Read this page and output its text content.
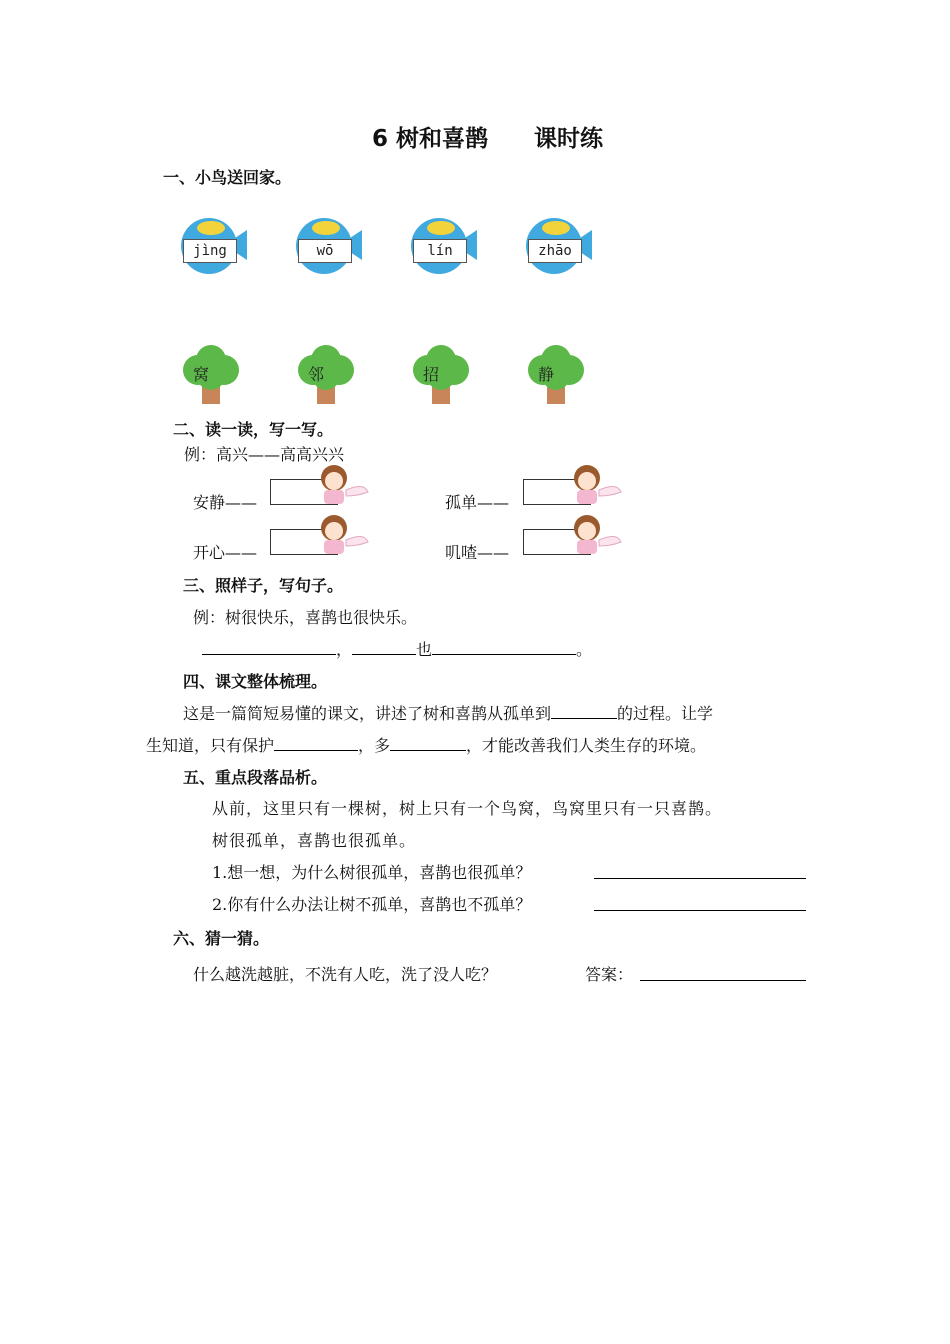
6 树和喜鹊　　课时练
一、小鸟送回家。
jìng	wō	lín	zhāo
窝	邻	招	静
二、读一读，写一写。
例：高兴——高高兴兴
安静——	孤单——
开心——	叽喳——
三、照样子，写句子。
例：树很快乐，喜鹊也很快乐。
，	也	。
四、课文整体梳理。
这是一篇简短易懂的课文，讲述了树和喜鹊从孤单到	的过程。让学
生知道，只有保护	，多	，才能改善我们人类生存的环境。
五、重点段落品析。
从前，这里只有一棵树，树上只有一个鸟窝，鸟窝里只有一只喜鹊。
树很孤单，喜鹊也很孤单。
1.想一想，为什么树很孤单，喜鹊也很孤单？
2.你有什么办法让树不孤单，喜鹊也不孤单？
六、猜一猜。
什么越洗越脏，不洗有人吃，洗了没人吃？	答案：
